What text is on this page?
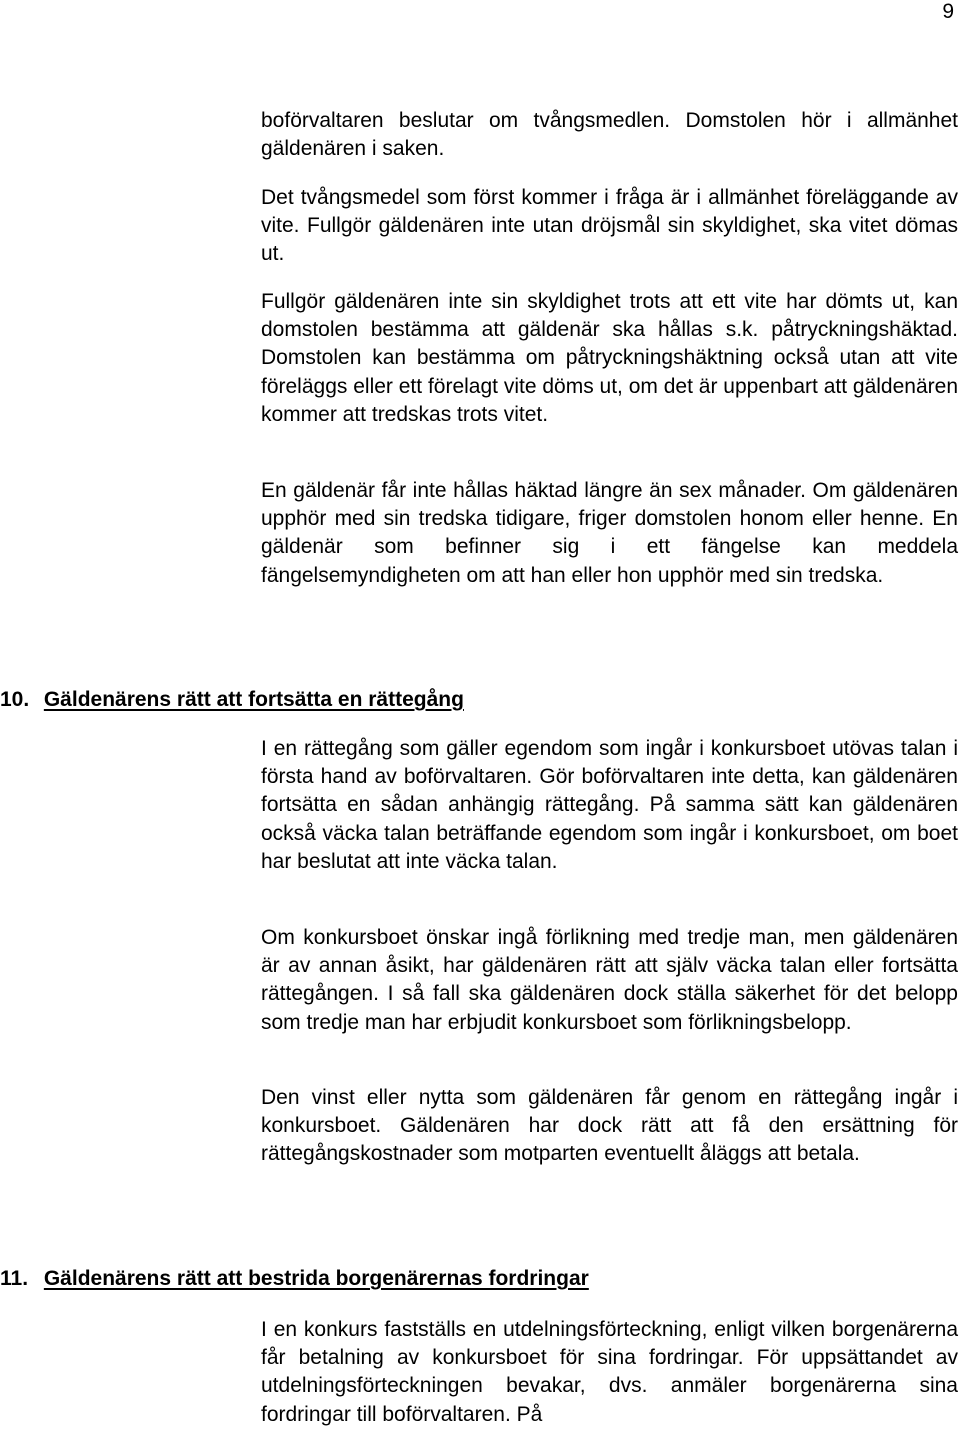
9

boförvaltaren beslutar om tvångsmedlen. Domstolen hör i allmänhet gäldenären i saken.

Det tvångsmedel som först kommer i fråga är i allmänhet föreläggande av vite. Fullgör gäldenären inte utan dröjsmål sin skyldighet, ska vitet dömas ut.

Fullgör gäldenären inte sin skyldighet trots att ett vite har dömts ut, kan domstolen bestämma att gäldenär ska hållas s.k. påtryckningshäktad. Domstolen kan bestämma om påtryckningshäktning också utan att vite föreläggs eller ett förelagt vite döms ut, om det är uppenbart att gäldenären kommer att tredskas trots vitet.

En gäldenär får inte hållas häktad längre än sex månader. Om gäldenären upphör med sin tredska tidigare, friger domstolen honom eller henne. En gäldenär som befinner sig i ett fängelse kan meddela fängelsemyndigheten om att han eller hon upphör med sin tredska.

10. Gäldenärens rätt att fortsätta en rättegång

I en rättegång som gäller egendom som ingår i konkursboet utövas talan i första hand av boförvaltaren. Gör boförvaltaren inte detta, kan gäldenären fortsätta en sådan anhängig rättegång. På samma sätt kan gäldenären också väcka talan beträffande egendom som ingår i konkursboet, om boet har beslutat att inte väcka talan.

Om konkursboet önskar ingå förlikning med tredje man, men gäldenären är av annan åsikt, har gäldenären rätt att själv väcka talan eller fortsätta rättegången. I så fall ska gäldenären dock ställa säkerhet för det belopp som tredje man har erbjudit konkursboet som förlikningsbelopp.

Den vinst eller nytta som gäldenären får genom en rättegång ingår i konkursboet. Gäldenären har dock rätt att få den ersättning för rättegångskostnader som motparten eventuellt åläggs att betala.

11. Gäldenärens rätt att bestrida borgenärernas fordringar

I en konkurs fastställs en utdelningsförteckning, enligt vilken borgenärerna får betalning av konkursboet för sina fordringar. För uppsättandet av utdelningsförteckningen bevakar, dvs. anmäler borgenärerna sina fordringar till boförvaltaren. På
